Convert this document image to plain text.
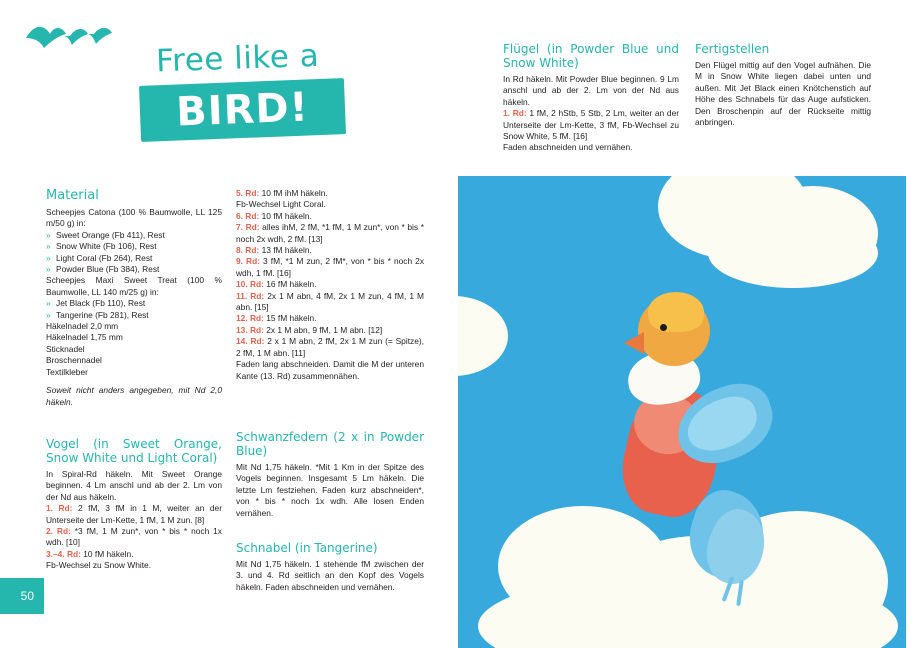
Free like a
BIRD!
Material

Scheepjes Catona (100 % Baumwolle, LL 125 m/50 g) in:

» Sweet Orange (Fb 411), Rest
» Snow White (Fb 106), Rest
» Light Coral (Fb 264), Rest
» Powder Blue (Fb 384), Rest

Scheepjes Maxi Sweet Treat (100 % Baumwolle, LL 140 m/25 g) in:

» Jet Black (Fb 110), Rest
» Tangerine (Fb 281), Rest

Häkelnadel 2,0 mm

Häkelnadel 1,75 mm

Sticknadel

Broschennadel

Textilkleber

Soweit nicht anders angegeben, mit Nd 2,0 häkeln.

Vogel (in Sweet Orange, Snow White und Light Coral)

In Spiral-Rd häkeln. Mit Sweet Orange beginnen. 4 Lm anschl und ab der 2. Lm von der Nd aus häkeln.

1. Rd: 2 fM, 3 fM in 1 M, weiter an der Unterseite der Lm-Kette, 1 fM, 1 M zun. [8]

2. Rd: *3 fM, 1 M zun*, von * bis * noch 1x wdh. [10]

3.–4. Rd: 10 fM häkeln.

Fb-Wechsel zu Snow White.

5. Rd: 10 fM ihM häkeln.

Fb-Wechsel Light Coral.

6. Rd: 10 fM häkeln.

7. Rd: alles ihM, 2 fM, *1 fM, 1 M zun*, von * bis * noch 2x wdh, 2 fM. [13]

8. Rd: 13 fM häkeln.

9. Rd: 3 fM, *1 M zun, 2 fM*, von * bis * noch 2x wdh, 1 fM. [16]

10. Rd: 16 fM häkeln.

11. Rd: 2x 1 M abn, 4 fM, 2x 1 M zun, 4 fM, 1 M abn. [15]

12. Rd: 15 fM häkeln.

13. Rd: 2x 1 M abn, 9 fM, 1 M abn. [12]

14. Rd: 2 x 1 M abn, 2 fM, 2x 1 M zun (= Spitze), 2 fM, 1 M abn. [11]

Faden lang abschneiden. Damit die M der unteren Kante (13. Rd) zusammennähen.

Schwanzfedern (2 x in Powder Blue)

Mit Nd 1,75 häkeln. *Mit 1 Km in der Spitze des Vogels beginnen. Insgesamt 5 Lm häkeln. Die letzte Lm festziehen. Faden kurz abschneiden*, von * bis * noch 1x wdh. Alle losen Enden vernähen.

Schnabel (in Tangerine)

Mit Nd 1,75 häkeln. 1 stehende fM zwischen der 3. und 4. Rd seitlich an den Kopf des Vogels häkeln. Faden abschneiden und vernähen.

Flügel (in Powder Blue und Snow White)

In Rd häkeln. Mit Powder Blue beginnen. 9 Lm anschl und ab der 2. Lm von der Nd aus häkeln.

1. Rd: 1 fM, 2 hStb, 5 Stb, 2 Lm, weiter an der Unterseite der Lm-Kette, 3 fM, Fb-Wechsel zu Snow White, 5 fM. [16]

Faden abschneiden und vernähen.

Fertigstellen

Den Flügel mittig auf den Vogel aufnähen. Die M in Snow White liegen dabei unten und außen. Mit Jet Black einen Knötchenstich auf Höhe des Schnabels für das Auge aufsticken. Den Broschenpin auf der Rückseite mittig anbringen.

50
